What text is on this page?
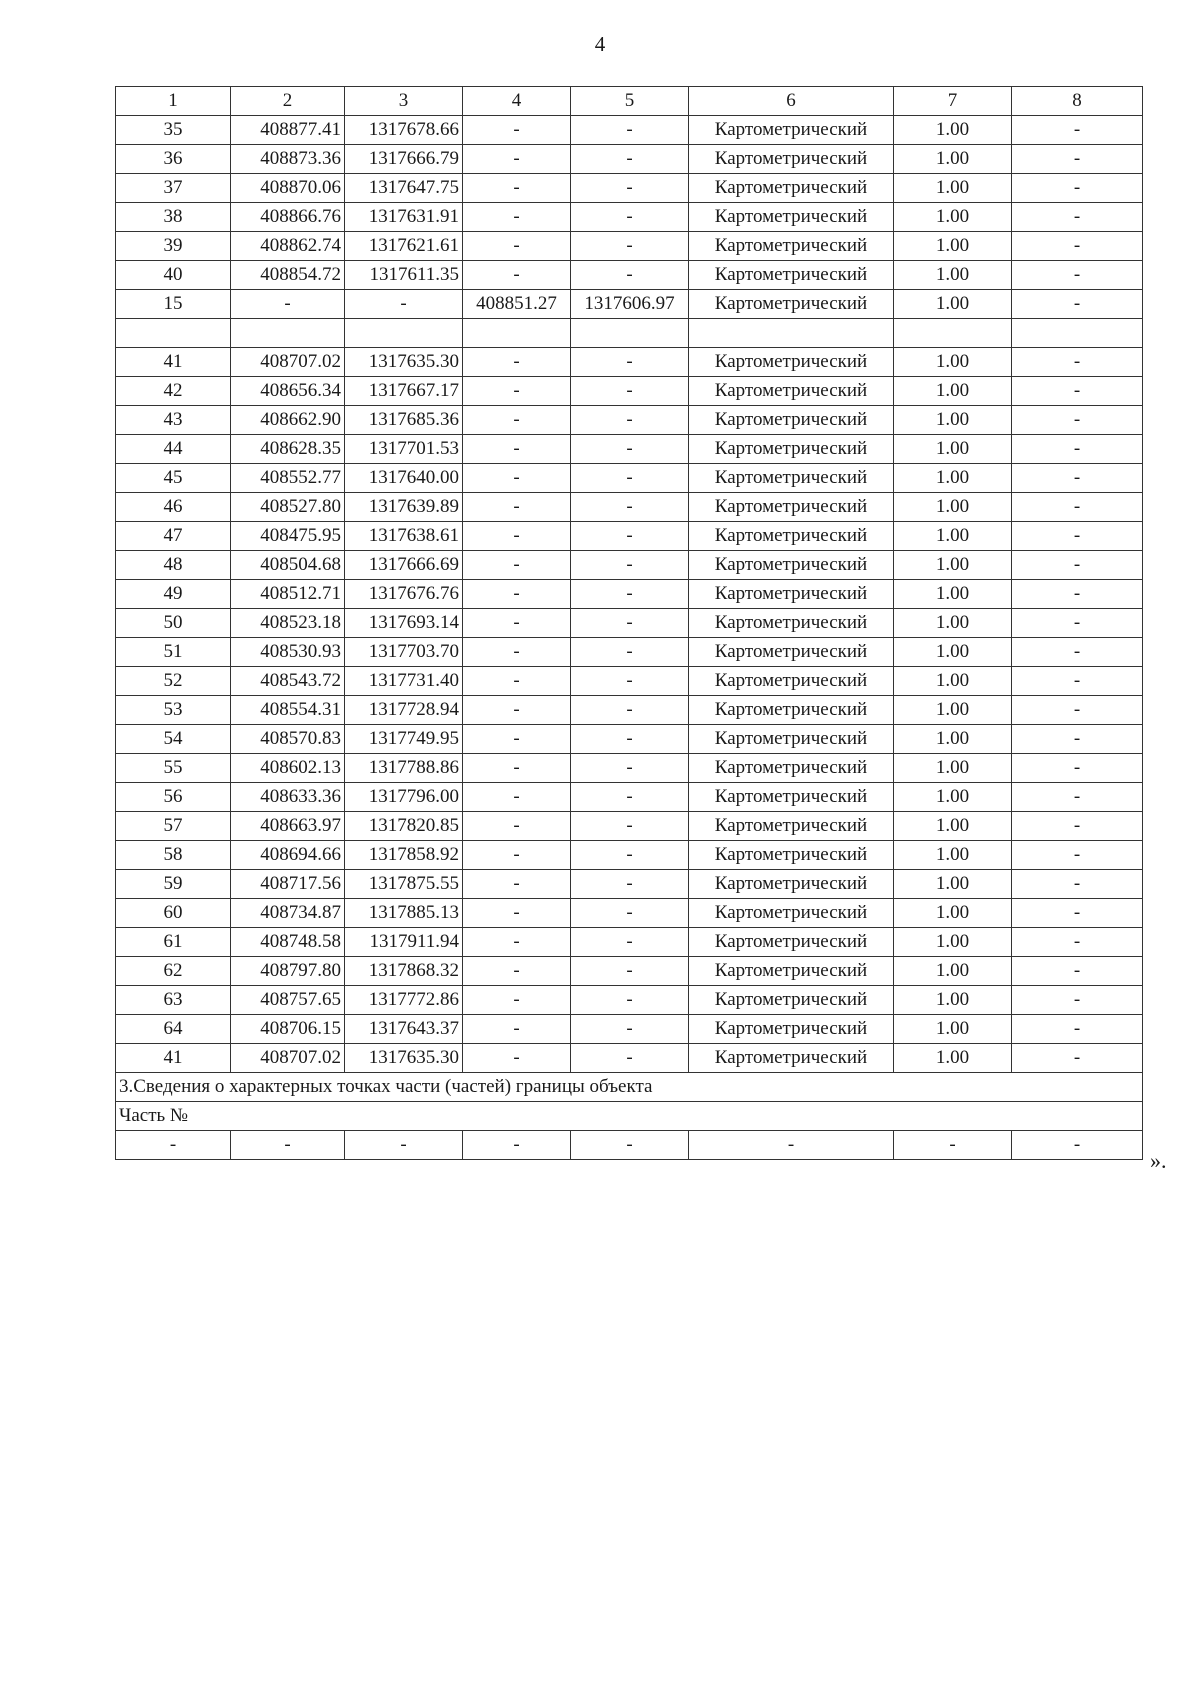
4
1	2	3	4	5	6	7	8
35	408877.41	1317678.66	-	-	Картометрический	1.00	-
36	408873.36	1317666.79	-	-	Картометрический	1.00	-
37	408870.06	1317647.75	-	-	Картометрический	1.00	-
38	408866.76	1317631.91	-	-	Картометрический	1.00	-
39	408862.74	1317621.61	-	-	Картометрический	1.00	-
40	408854.72	1317611.35	-	-	Картометрический	1.00	-
15	-	-	408851.27	1317606.97	Картометрический	1.00	-

41	408707.02	1317635.30	-	-	Картометрический	1.00	-
42	408656.34	1317667.17	-	-	Картометрический	1.00	-
43	408662.90	1317685.36	-	-	Картометрический	1.00	-
44	408628.35	1317701.53	-	-	Картометрический	1.00	-
45	408552.77	1317640.00	-	-	Картометрический	1.00	-
46	408527.80	1317639.89	-	-	Картометрический	1.00	-
47	408475.95	1317638.61	-	-	Картометрический	1.00	-
48	408504.68	1317666.69	-	-	Картометрический	1.00	-
49	408512.71	1317676.76	-	-	Картометрический	1.00	-
50	408523.18	1317693.14	-	-	Картометрический	1.00	-
51	408530.93	1317703.70	-	-	Картометрический	1.00	-
52	408543.72	1317731.40	-	-	Картометрический	1.00	-
53	408554.31	1317728.94	-	-	Картометрический	1.00	-
54	408570.83	1317749.95	-	-	Картометрический	1.00	-
55	408602.13	1317788.86	-	-	Картометрический	1.00	-
56	408633.36	1317796.00	-	-	Картометрический	1.00	-
57	408663.97	1317820.85	-	-	Картометрический	1.00	-
58	408694.66	1317858.92	-	-	Картометрический	1.00	-
59	408717.56	1317875.55	-	-	Картометрический	1.00	-
60	408734.87	1317885.13	-	-	Картометрический	1.00	-
61	408748.58	1317911.94	-	-	Картометрический	1.00	-
62	408797.80	1317868.32	-	-	Картометрический	1.00	-
63	408757.65	1317772.86	-	-	Картометрический	1.00	-
64	408706.15	1317643.37	-	-	Картометрический	1.00	-
41	408707.02	1317635.30	-	-	Картометрический	1.00	-
3.Сведения о характерных точках части (частей) границы объекта							
Часть №							
-	-	-	-	-	-	-	-
».
